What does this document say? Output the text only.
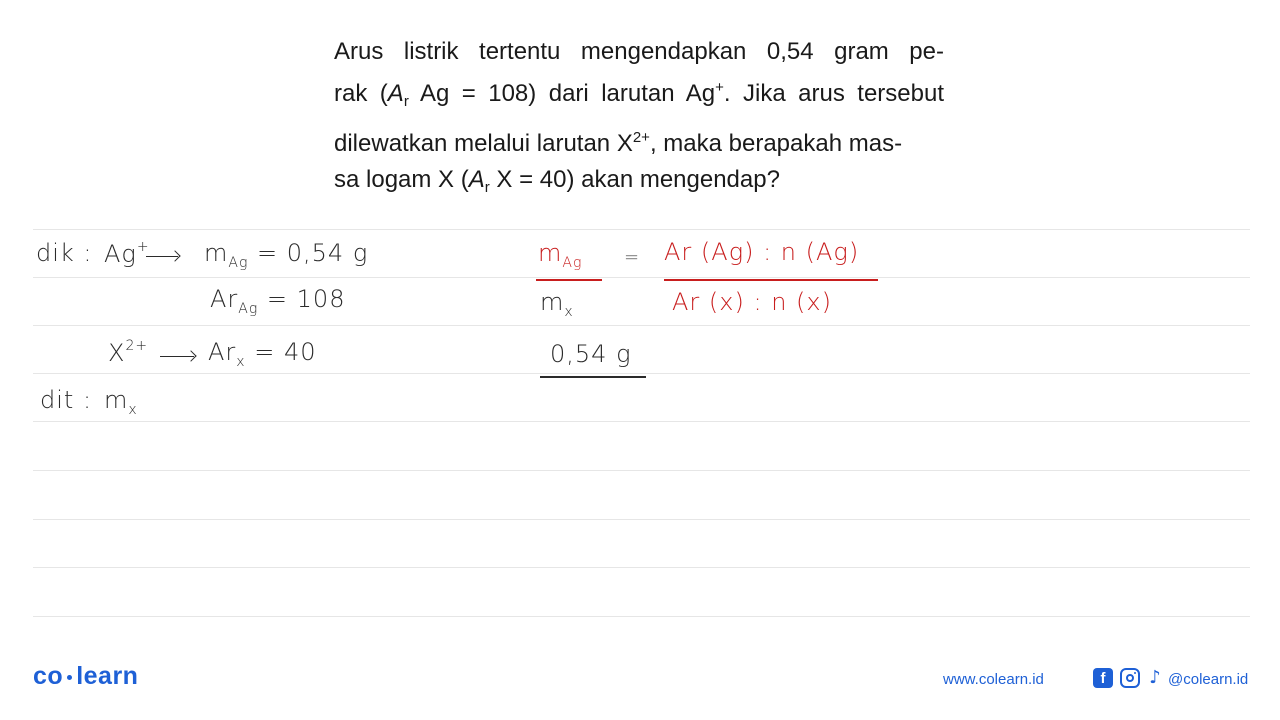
Arus listrik tertentu mengendapkan 0,54 gram pe-
rak ($A_r$ Ag = 108) dari larutan Ag+. Jika arus tersebut
dilewatkan melalui larutan $X^{2+}$, maka berapakah mas-
sa logam X ($A_r$ X = 40) akan mengendap?
dik : Ag+ $m_{Ag} = 0,54$ g
$Ar_{Ag} = 108$
$X^{2+}$ $Ar_x = 40$
dit : $m_x$
$m_{Ag}$
$m_x$
= Ar (Ag) : n (Ag)
Ar (x) : n (x)
0,54 g
co learn	www.colearn.id	f	♪ @colearn.id
